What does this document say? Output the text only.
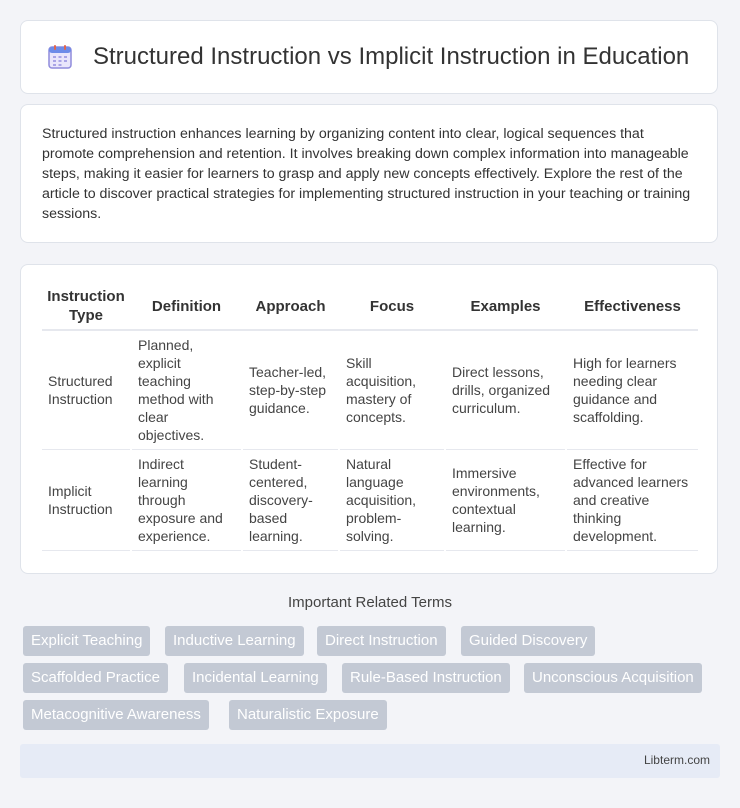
Structured Instruction vs Implicit Instruction in Education

Structured instruction enhances learning by organizing content into clear, logical sequences that promote comprehension and retention. It involves breaking down complex information into manageable steps, making it easier for learners to grasp and apply new concepts effectively. Explore the rest of the article to discover practical strategies for implementing structured instruction in your teaching or training sessions.

Instruction Type	Definition	Approach	Focus	Examples	Effectiveness
Structured Instruction	Planned, explicit teaching method with clear objectives.	Teacher-led, step-by-step guidance.	Skill acquisition, mastery of concepts.	Direct lessons, drills, organized curriculum.	High for learners needing clear guidance and scaffolding.
Implicit Instruction	Indirect learning through exposure and experience.	Student-centered, discovery-based learning.	Natural language acquisition, problem-solving.	Immersive environments, contextual learning.	Effective for advanced learners and creative thinking development.
Important Related Terms
Explicit Teaching	Inductive Learning	Direct Instruction	Guided Discovery
Scaffolded Practice	Incidental Learning	Rule-Based Instruction	Unconscious Acquisition
Metacognitive Awareness	Naturalistic Exposure
Libterm.com
